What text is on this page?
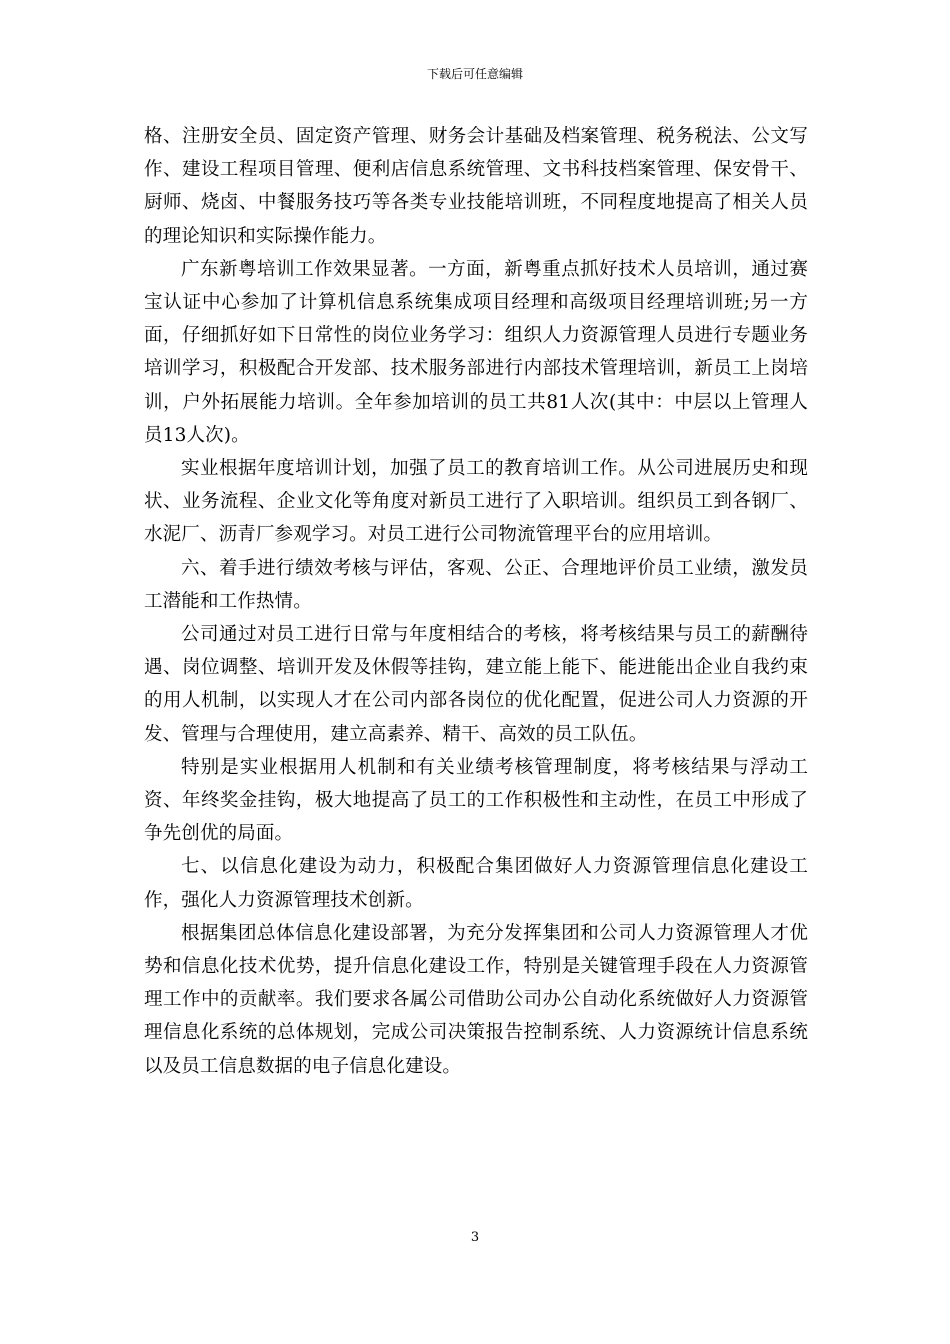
下载后可任意编辑

格、注册安全员、固定资产管理、财务会计基础及档案管理、税务税法、公文写作、建设工程项目管理、便利店信息系统管理、文书科技档案管理、保安骨干、厨师、烧卤、中餐服务技巧等各类专业技能培训班，不同程度地提高了相关人员的理论知识和实际操作能力。

广东新粤培训工作效果显著。一方面，新粤重点抓好技术人员培训，通过赛宝认证中心参加了计算机信息系统集成项目经理和高级项目经理培训班;另一方面，仔细抓好如下日常性的岗位业务学习：组织人力资源管理人员进行专题业务培训学习，积极配合开发部、技术服务部进行内部技术管理培训，新员工上岗培训，户外拓展能力培训。全年参加培训的员工共81人次(其中：中层以上管理人员13人次)。

实业根据年度培训计划，加强了员工的教育培训工作。从公司进展历史和现状、业务流程、企业文化等角度对新员工进行了入职培训。组织员工到各钢厂、水泥厂、沥青厂参观学习。对员工进行公司物流管理平台的应用培训。

六、着手进行绩效考核与评估，客观、公正、合理地评价员工业绩，激发员工潜能和工作热情。

公司通过对员工进行日常与年度相结合的考核，将考核结果与员工的薪酬待遇、岗位调整、培训开发及休假等挂钩，建立能上能下、能进能出企业自我约束的用人机制，以实现人才在公司内部各岗位的优化配置，促进公司人力资源的开发、管理与合理使用，建立高素养、精干、高效的员工队伍。

特别是实业根据用人机制和有关业绩考核管理制度，将考核结果与浮动工资、年终奖金挂钩，极大地提高了员工的工作积极性和主动性，在员工中形成了争先创优的局面。

七、以信息化建设为动力，积极配合集团做好人力资源管理信息化建设工作，强化人力资源管理技术创新。

根据集团总体信息化建设部署，为充分发挥集团和公司人力资源管理人才优势和信息化技术优势，提升信息化建设工作，特别是关键管理手段在人力资源管理工作中的贡献率。我们要求各属公司借助公司办公自动化系统做好人力资源管理信息化系统的总体规划，完成公司决策报告控制系统、人力资源统计信息系统以及员工信息数据的电子信息化建设。

3
